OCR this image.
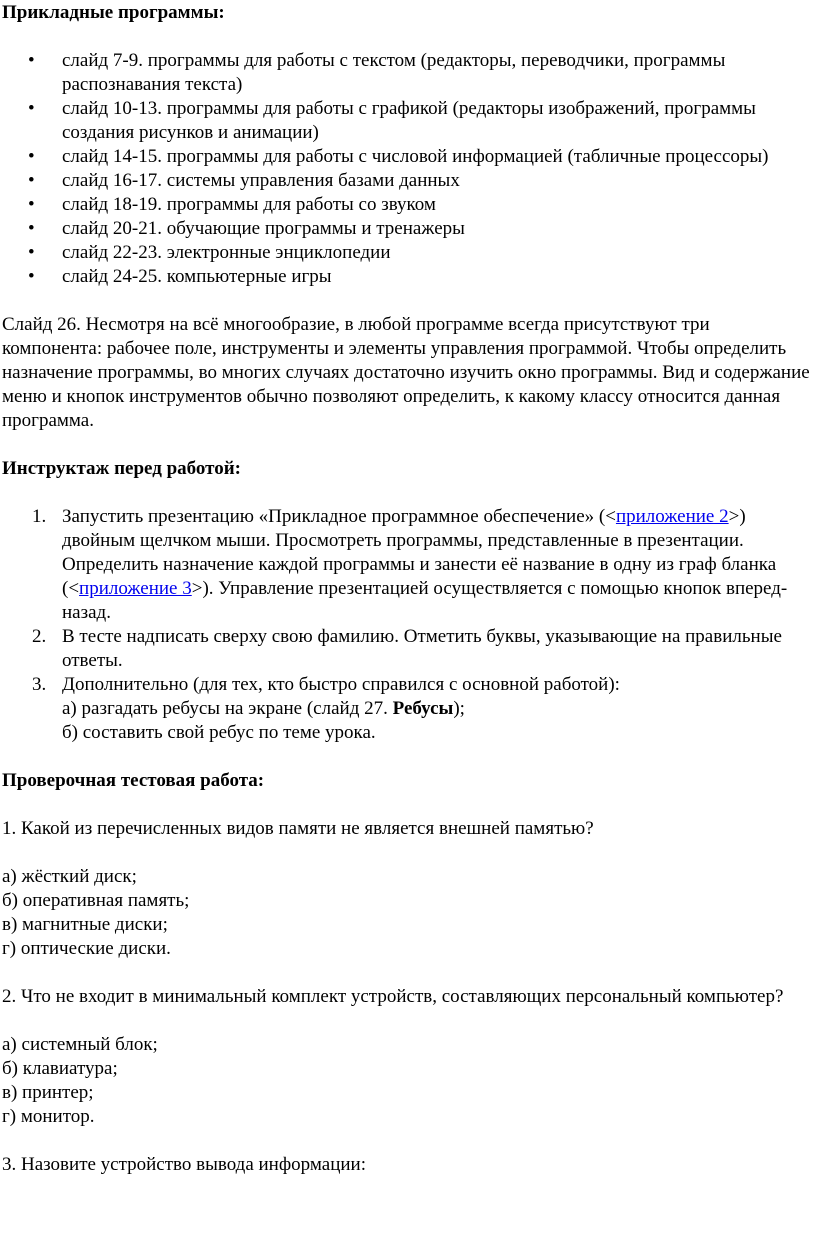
Прикладные программы:
• слайд 7-9. программы для работы с текстом (редакторы, переводчики, программы распознавания текста)
• слайд 10-13. программы для работы с графикой (редакторы изображений, программы создания рисунков и анимации)
• слайд 14-15. программы для работы с числовой информацией (табличные процессоры)
• слайд 16-17. системы управления базами данных
• слайд 18-19. программы для работы со звуком
• слайд 20-21. обучающие программы и тренажеры
• слайд 22-23. электронные энциклопедии
• слайд 24-25. компьютерные игры

Слайд 26. Несмотря на всё многообразие, в любой программе всегда присутствуют три компонента: рабочее поле, инструменты и элементы управления программой. Чтобы определить назначение программы, во многих случаях достаточно изучить окно программы. Вид и содержание меню и кнопок инструментов обычно позволяют определить, к какому классу относится данная программа.

Инструктаж перед работой:
1. Запустить презентацию «Прикладное программное обеспечение» (<приложение 2>) двойным щелчком мыши. Просмотреть программы, представленные в презентации. Определить назначение каждой программы и занести её название в одну из граф бланка (<приложение 3>). Управление презентацией осуществляется с помощью кнопок вперед-назад.
2. В тесте надписать сверху свою фамилию. Отметить буквы, указывающие на правильные ответы.
3. Дополнительно (для тех, кто быстро справился с основной работой):
а) разгадать ребусы на экране (слайд 27. Ребусы);
б) составить свой ребус по теме урока.
Проверочная тестовая работа:

1. Какой из перечисленных видов памяти не является внешней памятью?

а) жёсткий диск;

б) оперативная память;

в) магнитные диски;

г) оптические диски.

2. Что не входит в минимальный комплект устройств, составляющих персональный компьютер?

а) системный блок;

б) клавиатура;

в) принтер;

г) монитор.

3. Назовите устройство вывода информации:
